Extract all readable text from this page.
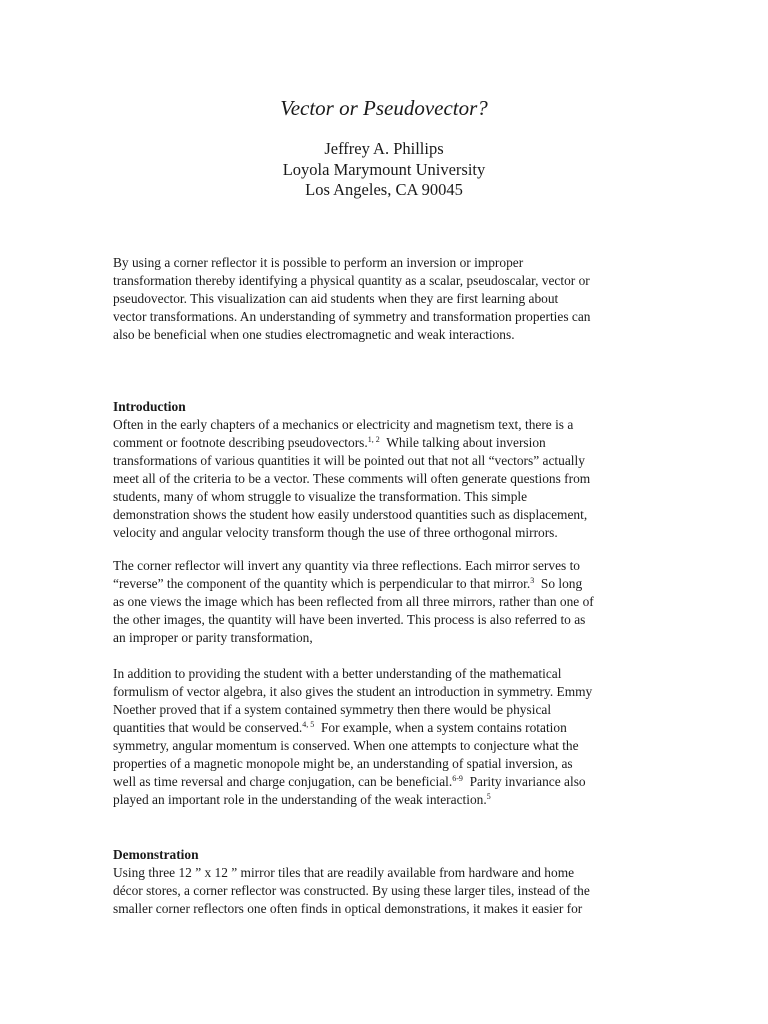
Vector or Pseudovector?
Jeffrey A. Phillips
Loyola Marymount University
Los Angeles, CA 90045

By using a corner reflector it is possible to perform an inversion or improper

transformation thereby identifying a physical quantity as a scalar, pseudoscalar, vector or

pseudovector. This visualization can aid students when they are first learning about

vector transformations. An understanding of symmetry and transformation properties can

also be beneficial when one studies electromagnetic and weak interactions.

Introduction

Often in the early chapters of a mechanics or electricity and magnetism text, there is a

comment or footnote describing pseudovectors.$^{1, 2}$  While talking about inversion

transformations of various quantities it will be pointed out that not all “vectors” actually

meet all of the criteria to be a vector. These comments will often generate questions from

students, many of whom struggle to visualize the transformation. This simple

demonstration shows the student how easily understood quantities such as displacement,

velocity and angular velocity transform though the use of three orthogonal mirrors.

The corner reflector will invert any quantity via three reflections. Each mirror serves to

“reverse” the component of the quantity which is perpendicular to that mirror.$^3$  So long

as one views the image which has been reflected from all three mirrors, rather than one of

the other images, the quantity will have been inverted. This process is also referred to as

an improper or parity transformation,

In addition to providing the student with a better understanding of the mathematical

formulism of vector algebra, it also gives the student an introduction in symmetry. Emmy

Noether proved that if a system contained symmetry then there would be physical

quantities that would be conserved.$^{4, 5}$  For example, when a system contains rotation

symmetry, angular momentum is conserved. When one attempts to conjecture what the

properties of a magnetic monopole might be, an understanding of spatial inversion, as

well as time reversal and charge conjugation, can be beneficial.$^{6-9}$  Parity invariance also

played an important role in the understanding of the weak interaction.$^5$

Demonstration

Using three 12 ” x 12 ” mirror tiles that are readily available from hardware and home

décor stores, a corner reflector was constructed. By using these larger tiles, instead of the

smaller corner reflectors one often finds in optical demonstrations, it makes it easier for
